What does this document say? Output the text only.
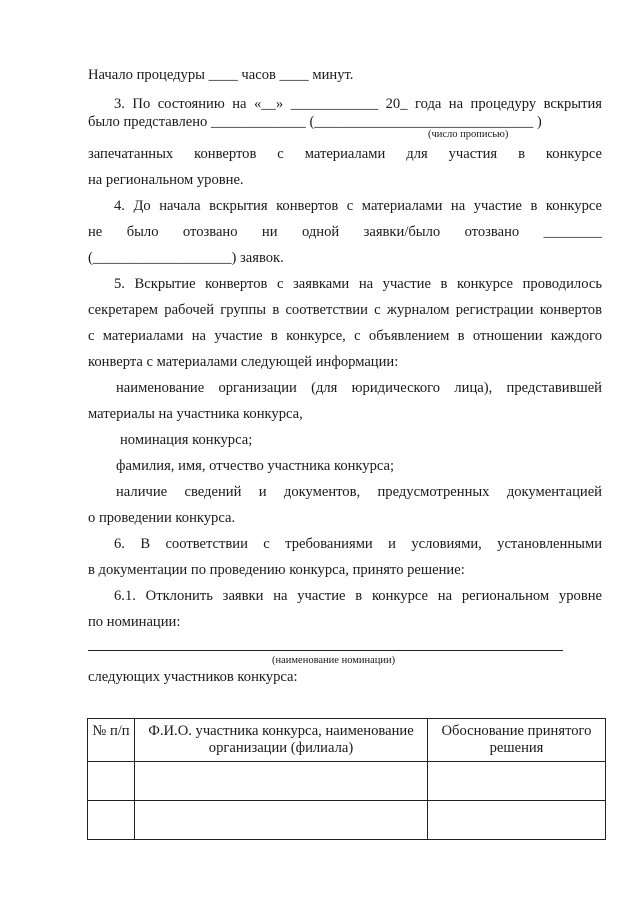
Начало процедуры ____ часов ____ минут.
3. По состоянию на «__» ____________ 20_ года на процедуру вскрытия
было представлено _____________ (______________________________ )
(число прописью)
запечатанных конвертов с материалами для участия в конкурсе
на региональном уровне.
4. До начала вскрытия конвертов с материалами на участие в конкурсе
не было отозвано ни одной заявки/было отозвано ________
(___________________) заявок.
5. Вскрытие конвертов с заявками на участие в конкурсе проводилось
секретарем рабочей группы в соответствии с журналом регистрации конвертов
с материалами на участие в конкурсе, с объявлением в отношении каждого
конверта с материалами следующей информации:
наименование организации (для юридического лица), представившей
материалы на участника конкурса,
номинация конкурса;
фамилия, имя, отчество участника конкурса;
наличие сведений и документов, предусмотренных документацией
о проведении конкурса.
6. В соответствии с требованиями и условиями, установленными
в документации по проведению конкурса, принято решение:
6.1. Отклонить заявки на участие в конкурсе на региональном уровне
по номинации:
(наименование номинации)
следующих участников конкурса:
№ п/п	Ф.И.О. участника конкурса, наименование организации (филиала)	Обоснование принятого решения
